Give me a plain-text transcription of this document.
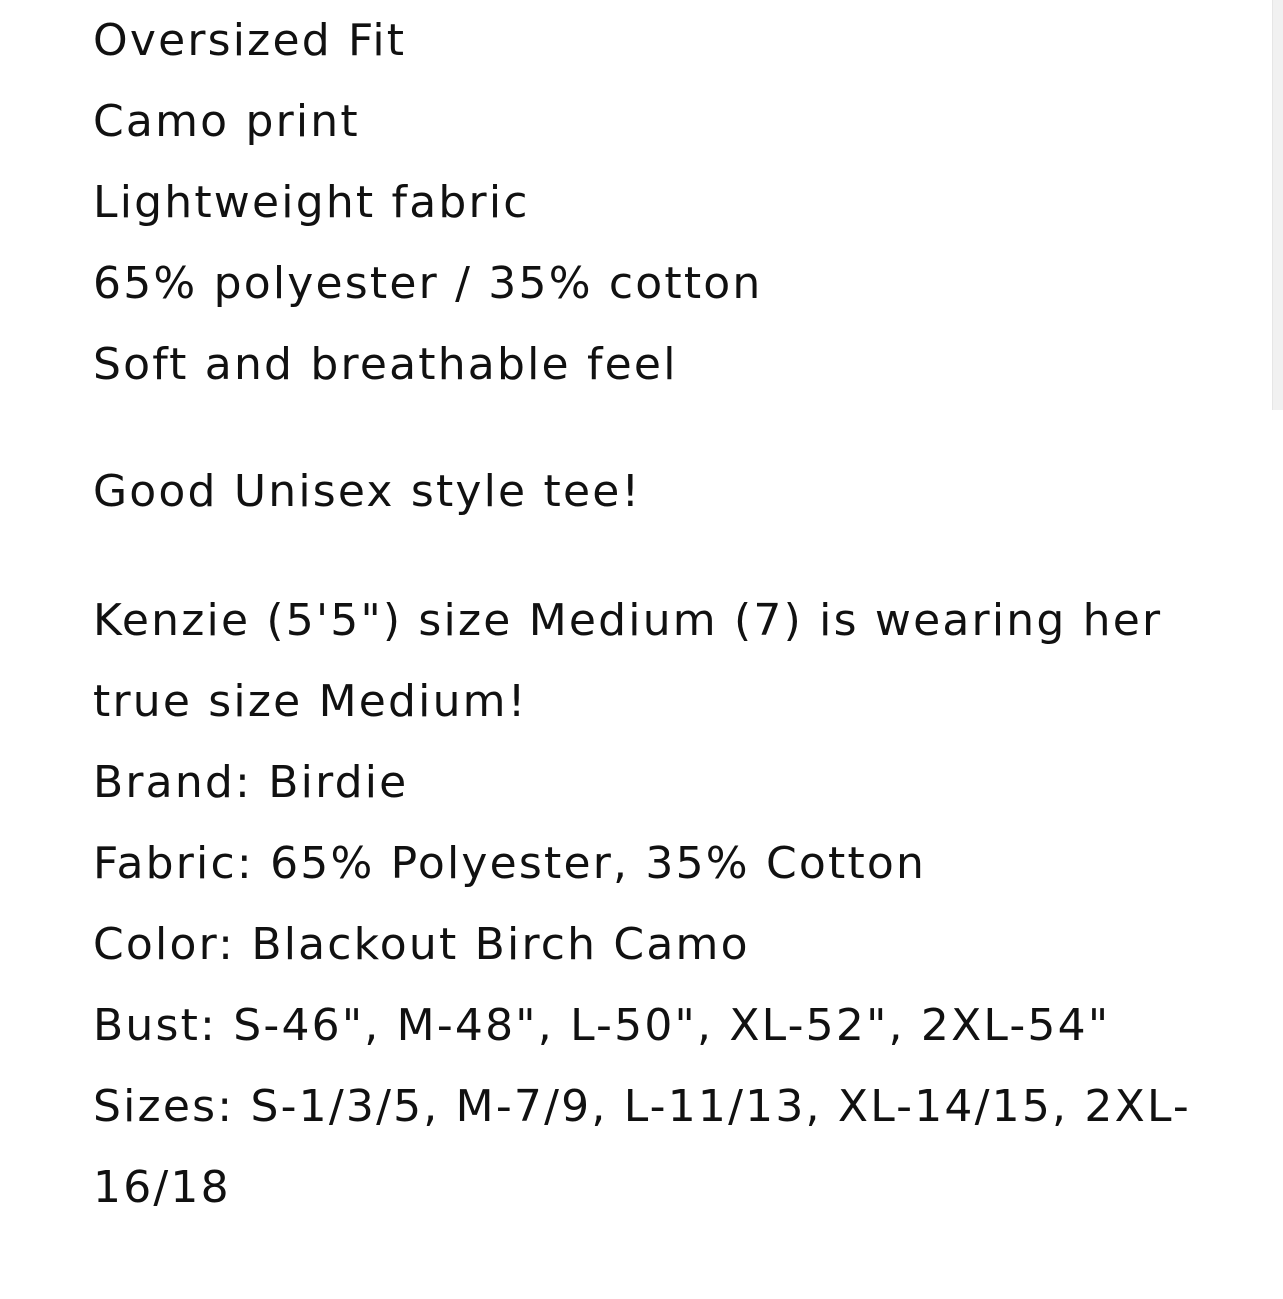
Oversized Fit

Camo print

Lightweight fabric

65% polyester / 35% cotton

Soft and breathable feel

Good Unisex style tee!

Kenzie (5'5") size Medium (7) is wearing her

true size Medium!

Brand: Birdie

Fabric: 65% Polyester, 35% Cotton

Color: Blackout Birch Camo

Bust: S-46", M-48", L-50", XL-52", 2XL-54"

Sizes: S-1/3/5, M-7/9, L-11/13, XL-14/15, 2XL-

16/18
